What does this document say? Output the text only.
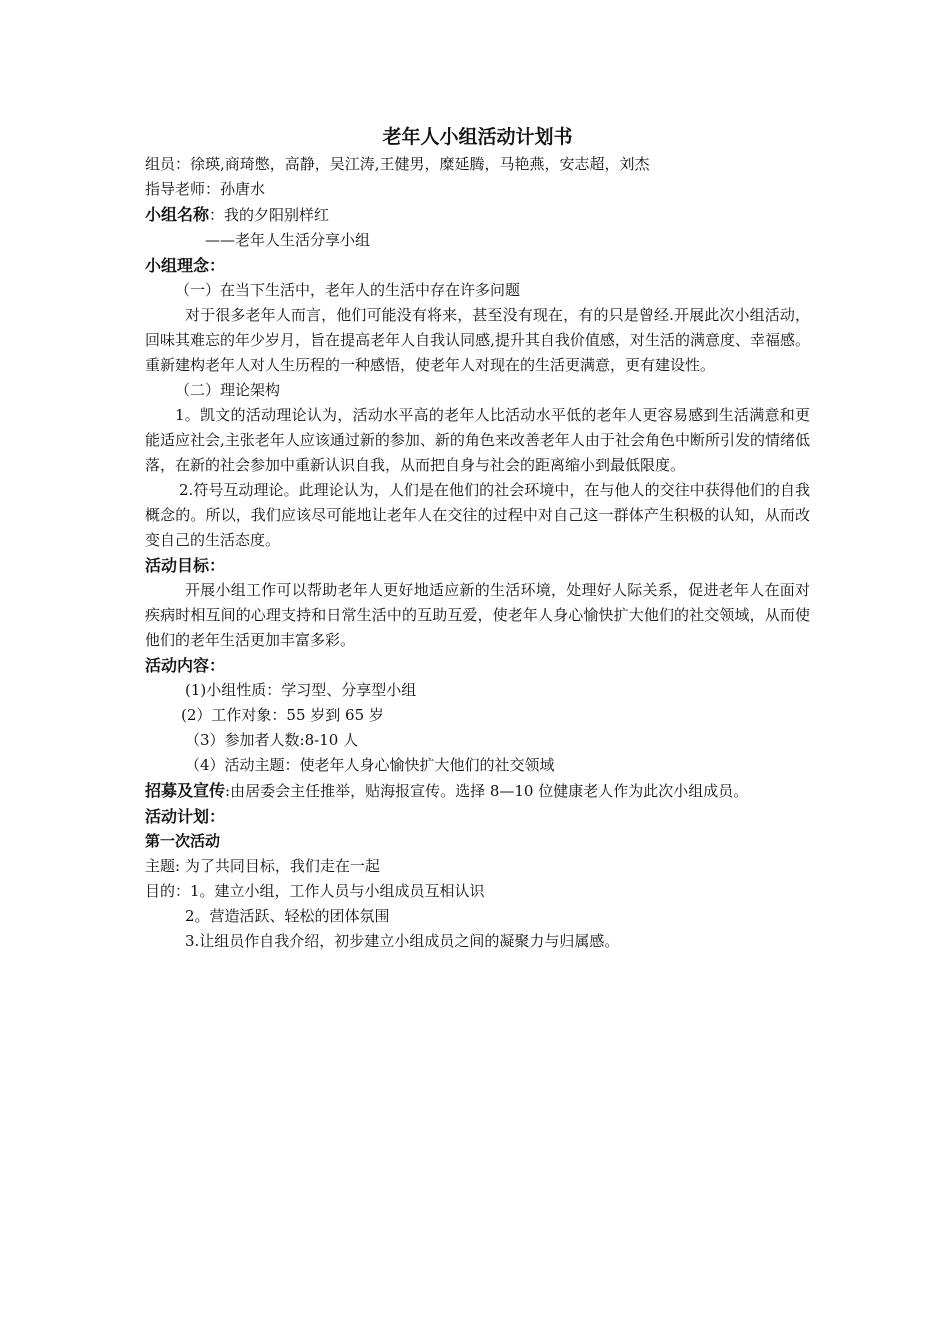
老年人小组活动计划书

组员：徐瑛,商琦憋，高静，吴江涛,王健男，糜延腾，马艳燕，安志超，刘杰

指导老师：孙唐水

小组名称：我的夕阳别样红

——老年人生活分享小组

小组理念：

（一）在当下生活中，老年人的生活中存在许多问题

对于很多老年人而言，他们可能没有将来，甚至没有现在，有的只是曾经.开展此次小组活动，回味其难忘的年少岁月，旨在提高老年人自我认同感,提升其自我价值感，对生活的满意度、幸福感。重新建构老年人对人生历程的一种感悟，使老年人对现在的生活更满意，更有建设性。

（二）理论架构

1。凯文的活动理论认为，活动水平高的老年人比活动水平低的老年人更容易感到生活满意和更能适应社会,主张老年人应该通过新的参加、新的角色来改善老年人由于社会角色中断所引发的情绪低落，在新的社会参加中重新认识自我，从而把自身与社会的距离缩小到最低限度。

2.符号互动理论。此理论认为，人们是在他们的社会环境中，在与他人的交往中获得他们的自我概念的。所以，我们应该尽可能地让老年人在交往的过程中对自己这一群体产生积极的认知，从而改变自己的生活态度。

活动目标：

开展小组工作可以帮助老年人更好地适应新的生活环境，处理好人际关系，促进老年人在面对疾病时相互间的心理支持和日常生活中的互助互爱，使老年人身心愉快扩大他们的社交领域，从而使他们的老年生活更加丰富多彩。

活动内容：

(1)小组性质：学习型、分享型小组

(2）工作对象：55 岁到 65 岁

（3）参加者人数:8-10 人

（4）活动主题：使老年人身心愉快扩大他们的社交领域

招募及宣传:由居委会主任推举，贴海报宣传。选择 8—10 位健康老人作为此次小组成员。

活动计划：

第一次活动

主题: 为了共同目标，我们走在一起

目的：1。建立小组，工作人员与小组成员互相认识

2。营造活跃、轻松的团体氛围

3.让组员作自我介绍，初步建立小组成员之间的凝聚力与归属感。
